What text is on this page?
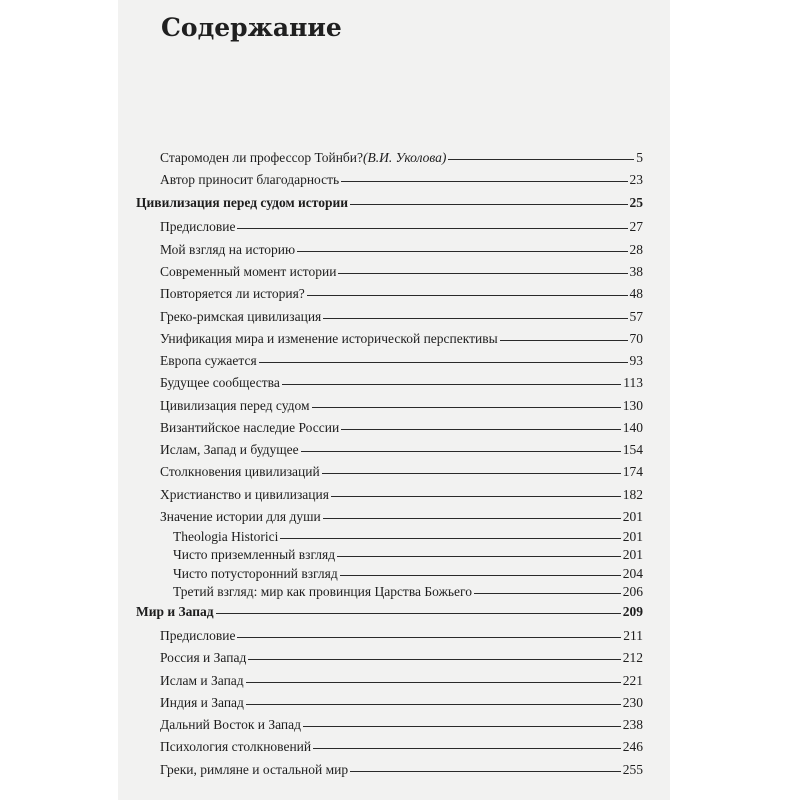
Содержание
Старомоден ли профессор Тойнби? (В.И. Уколова)	5
Автор приносит благодарность	23
Цивилизация перед судом истории	25
Предисловие	27
Мой взгляд на историю	28
Современный момент истории	38
Повторяется ли история?	48
Греко-римская цивилизация	57
Унификация мира и изменение исторической перспективы	70
Европа сужается	93
Будущее сообщества	113
Цивилизация перед судом	130
Византийское наследие России	140
Ислам, Запад и будущее	154
Столкновения цивилизаций	174
Христианство и цивилизация	182
Значение истории для души	201
Theologia Historici	201
Чисто приземленный взгляд	201
Чисто потусторонний взгляд	204
Третий взгляд: мир как провинция Царства Божьего	206
Мир и Запад	209
Предисловие	211
Россия и Запад	212
Ислам и Запад	221
Индия и Запад	230
Дальний Восток и Запад	238
Психология столкновений	246
Греки, римляне и остальной мир	255
